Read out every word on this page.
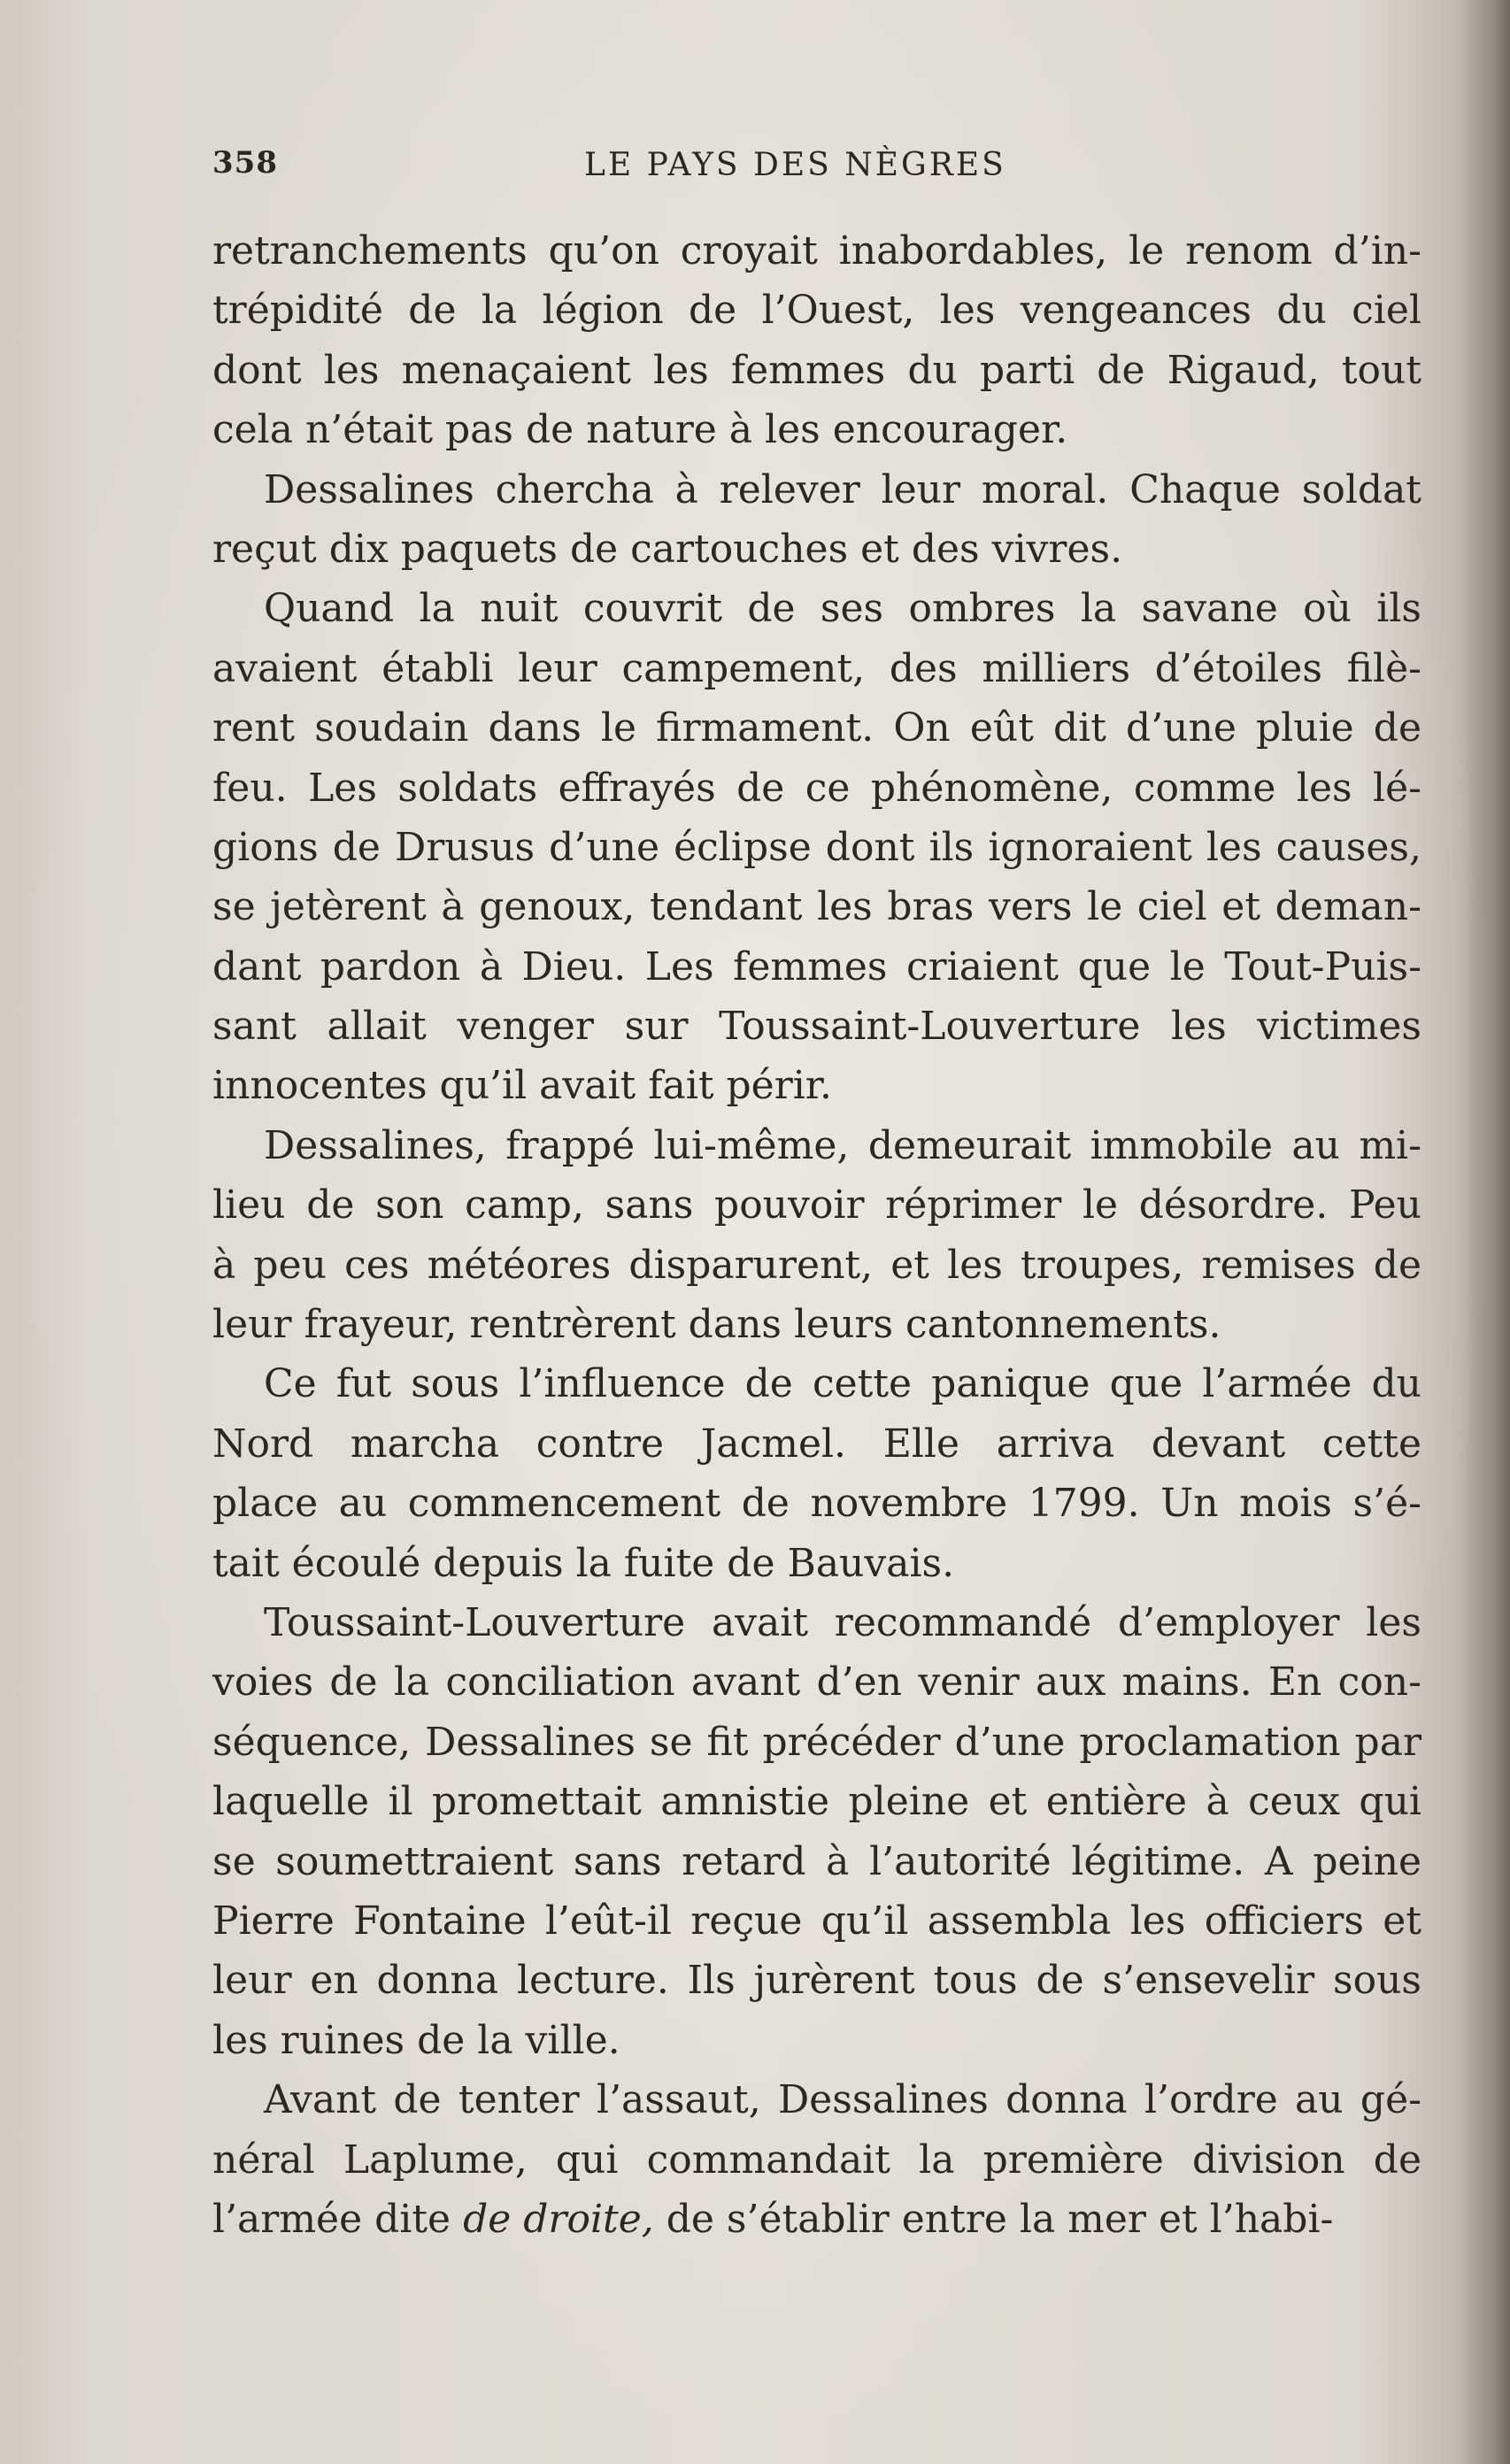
358	LE PAYS DES NÈGRES
retranchements qu’on croyait inabordables, le renom d’in-
trépidité de la légion de l’Ouest, les vengeances du ciel
dont les menaçaient les femmes du parti de Rigaud, tout
cela n’était pas de nature à les encourager.
Dessalines chercha à relever leur moral. Chaque soldat
reçut dix paquets de cartouches et des vivres.
Quand la nuit couvrit de ses ombres la savane où ils
avaient établi leur campement, des milliers d’étoiles filè-
rent soudain dans le firmament. On eût dit d’une pluie de
feu. Les soldats effrayés de ce phénomène, comme les lé-
gions de Drusus d’une éclipse dont ils ignoraient les causes,
se jetèrent à genoux, tendant les bras vers le ciel et deman-
dant pardon à Dieu. Les femmes criaient que le Tout-Puis-
sant allait venger sur Toussaint-Louverture les victimes
innocentes qu’il avait fait périr.
Dessalines, frappé lui-même, demeurait immobile au mi-
lieu de son camp, sans pouvoir réprimer le désordre. Peu
à peu ces météores disparurent, et les troupes, remises de
leur frayeur, rentrèrent dans leurs cantonnements.
Ce fut sous l’influence de cette panique que l’armée du
Nord marcha contre Jacmel. Elle arriva devant cette
place au commencement de novembre 1799. Un mois s’é-
tait écoulé depuis la fuite de Bauvais.
Toussaint-Louverture avait recommandé d’employer les
voies de la conciliation avant d’en venir aux mains. En con-
séquence, Dessalines se fit précéder d’une proclamation par
laquelle il promettait amnistie pleine et entière à ceux qui
se soumettraient sans retard à l’autorité légitime. A peine
Pierre Fontaine l’eût-il reçue qu’il assembla les officiers et
leur en donna lecture. Ils jurèrent tous de s’ensevelir sous
les ruines de la ville.
Avant de tenter l’assaut, Dessalines donna l’ordre au gé-
néral Laplume, qui commandait la première division de
l’armée dite de droite, de s’établir entre la mer et l’habi-
